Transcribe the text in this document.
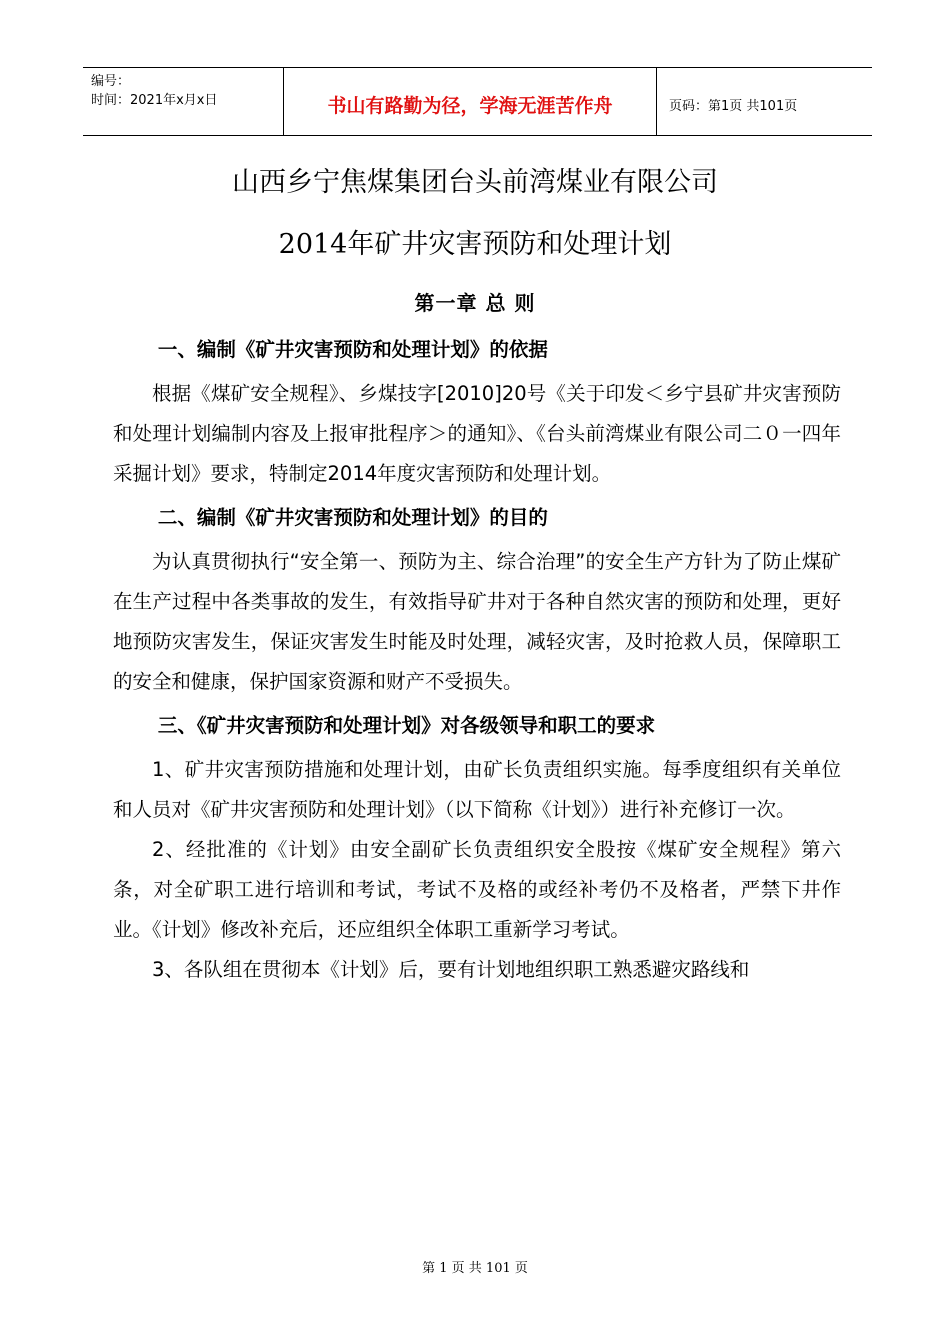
编号：
时间：2021年x月x日	书山有路勤为径，学海无涯苦作舟	页码：第1页 共101页
山西乡宁焦煤集团台头前湾煤业有限公司
2014年矿井灾害预防和处理计划
第一章 总 则

一、编制《矿井灾害预防和处理计划》的依据

根据《煤矿安全规程》、乡煤技字[2010]20号《关于印发＜乡宁县矿井灾害预防和处理计划编制内容及上报审批程序＞的通知》、《台头前湾煤业有限公司二０一四年采掘计划》要求，特制定2014年度灾害预防和处理计划。

二、编制《矿井灾害预防和处理计划》的目的

为认真贯彻执行“安全第一、预防为主、综合治理”的安全生产方针为了防止煤矿在生产过程中各类事故的发生，有效指导矿井对于各种自然灾害的预防和处理，更好地预防灾害发生，保证灾害发生时能及时处理，减轻灾害，及时抢救人员，保障职工的安全和健康，保护国家资源和财产不受损失。

三、《矿井灾害预防和处理计划》对各级领导和职工的要求

1、矿井灾害预防措施和处理计划，由矿长负责组织实施。每季度组织有关单位和人员对《矿井灾害预防和处理计划》（以下简称《计划》）进行补充修订一次。

2、经批准的《计划》由安全副矿长负责组织安全股按《煤矿安全规程》第六条，对全矿职工进行培训和考试，考试不及格的或经补考仍不及格者，严禁下井作业。《计划》修改补充后，还应组织全体职工重新学习考试。

3、各队组在贯彻本《计划》后，要有计划地组织职工熟悉避灾路线和

第 1 页 共 101 页
